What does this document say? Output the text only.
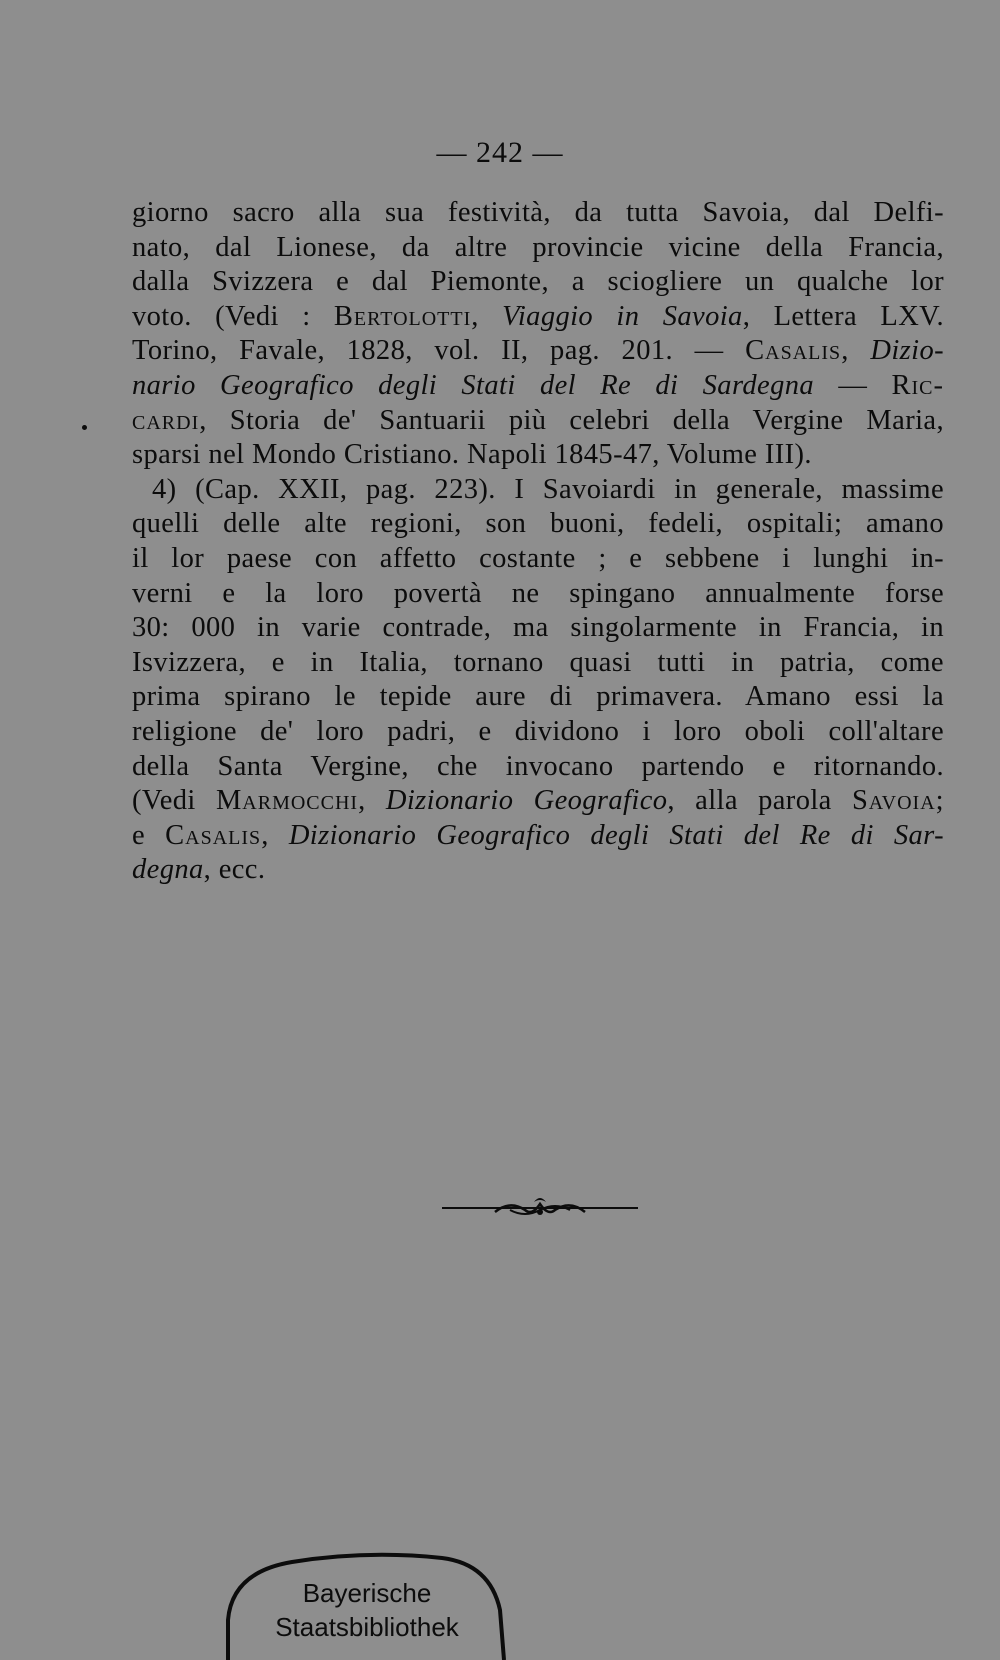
— 242 —
giorno sacro alla sua festività, da tutta Savoia, dal Delfi-
nato, dal Lionese, da altre provincie vicine della Francia,
dalla Svizzera e dal Piemonte, a sciogliere un qualche lor
voto. (Vedi : Bertolotti, Viaggio in Savoia, Lettera LXV.
Torino, Favale, 1828, vol. II, pag. 201. — Casalis, Dizio-
nario Geografico degli Stati del Re di Sardegna — Ric-
cardi, Storia de' Santuarii più celebri della Vergine Maria,
sparsi nel Mondo Cristiano. Napoli 1845-47, Volume III).
4) (Cap. XXII, pag. 223). I Savoiardi in generale, massime
quelli delle alte regioni, son buoni, fedeli, ospitali; amano
il lor paese con affetto costante ; e sebbene i lunghi in-
verni e la loro povertà ne spingano annualmente forse
30: 000 in varie contrade, ma singolarmente in Francia, in
Isvizzera, e in Italia, tornano quasi tutti in patria, come
prima spirano le tepide aure di primavera. Amano essi la
religione de' loro padri, e dividono i loro oboli coll'altare
della Santa Vergine, che invocano partendo e ritornando.
(Vedi Marmocchi, Dizionario Geografico, alla parola Savoia;
e Casalis, Dizionario Geografico degli Stati del Re di Sar-
degna, ecc.
Bayerische
Staatsbibliothek
